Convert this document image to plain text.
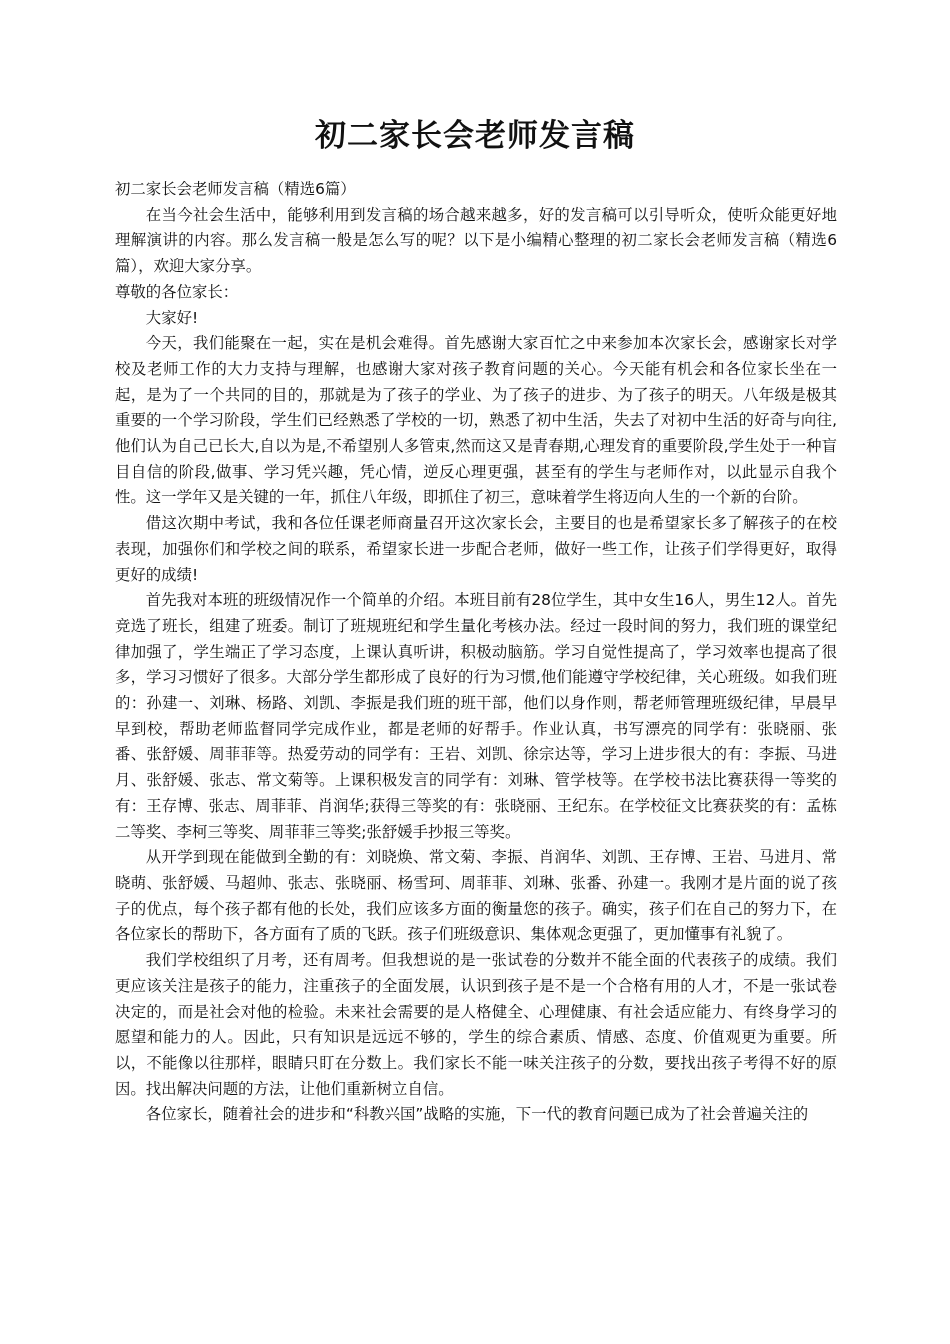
初二家长会老师发言稿

初二家长会老师发言稿（精选6篇）

在当今社会生活中，能够利用到发言稿的场合越来越多，好的发言稿可以引导听众，使听众能更好地理解演讲的内容。那么发言稿一般是怎么写的呢？以下是小编精心整理的初二家长会老师发言稿（精选6篇），欢迎大家分享。

尊敬的各位家长：

大家好!

今天，我们能聚在一起，实在是机会难得。首先感谢大家百忙之中来参加本次家长会，感谢家长对学校及老师工作的大力支持与理解，也感谢大家对孩子教育问题的关心。今天能有机会和各位家长坐在一起，是为了一个共同的目的，那就是为了孩子的学业、为了孩子的进步、为了孩子的明天。八年级是极其重要的一个学习阶段，学生们已经熟悉了学校的一切，熟悉了初中生活，失去了对初中生活的好奇与向往,他们认为自己已长大,自以为是,不希望别人多管束,然而这又是青春期,心理发育的重要阶段,学生处于一种盲目自信的阶段,做事、学习凭兴趣，凭心情，逆反心理更强，甚至有的学生与老师作对，以此显示自我个性。这一学年又是关键的一年，抓住八年级，即抓住了初三，意味着学生将迈向人生的一个新的台阶。

借这次期中考试，我和各位任课老师商量召开这次家长会，主要目的也是希望家长多了解孩子的在校表现，加强你们和学校之间的联系，希望家长进一步配合老师，做好一些工作，让孩子们学得更好，取得更好的成绩!

首先我对本班的班级情况作一个简单的介绍。本班目前有28位学生，其中女生16人，男生12人。首先竞选了班长，组建了班委。制订了班规班纪和学生量化考核办法。经过一段时间的努力，我们班的课堂纪律加强了，学生端正了学习态度，上课认真听讲，积极动脑筋。学习自觉性提高了，学习效率也提高了很多，学习习惯好了很多。大部分学生都形成了良好的行为习惯,他们能遵守学校纪律，关心班级。如我们班的：孙建一、刘琳、杨路、刘凯、李振是我们班的班干部，他们以身作则，帮老师管理班级纪律，早晨早早到校，帮助老师监督同学完成作业，都是老师的好帮手。作业认真，书写漂亮的同学有：张晓丽、张番、张舒媛、周菲菲等。热爱劳动的同学有：王岩、刘凯、徐宗达等，学习上进步很大的有：李振、马进月、张舒媛、张志、常文菊等。上课积极发言的同学有：刘琳、管学枝等。在学校书法比赛获得一等奖的有：王存博、张志、周菲菲、肖润华;获得三等奖的有：张晓丽、王纪东。在学校征文比赛获奖的有：孟栋二等奖、李柯三等奖、周菲菲三等奖;张舒媛手抄报三等奖。

从开学到现在能做到全勤的有：刘晓焕、常文菊、李振、肖润华、刘凯、王存博、王岩、马进月、常晓萌、张舒媛、马超帅、张志、张晓丽、杨雪珂、周菲菲、刘琳、张番、孙建一。我刚才是片面的说了孩子的优点，每个孩子都有他的长处，我们应该多方面的衡量您的孩子。确实，孩子们在自己的努力下，在各位家长的帮助下，各方面有了质的飞跃。孩子们班级意识、集体观念更强了，更加懂事有礼貌了。

我们学校组织了月考，还有周考。但我想说的是一张试卷的分数并不能全面的代表孩子的成绩。我们更应该关注是孩子的能力，注重孩子的全面发展，认识到孩子是不是一个合格有用的人才，不是一张试卷决定的，而是社会对他的检验。未来社会需要的是人格健全、心理健康、有社会适应能力、有终身学习的愿望和能力的人。因此，只有知识是远远不够的，学生的综合素质、情感、态度、价值观更为重要。所以，不能像以往那样，眼睛只盯在分数上。我们家长不能一味关注孩子的分数，要找出孩子考得不好的原因。找出解决问题的方法，让他们重新树立自信。

各位家长，随着社会的进步和“科教兴国”战略的实施，下一代的教育问题已成为了社会普遍关注的
